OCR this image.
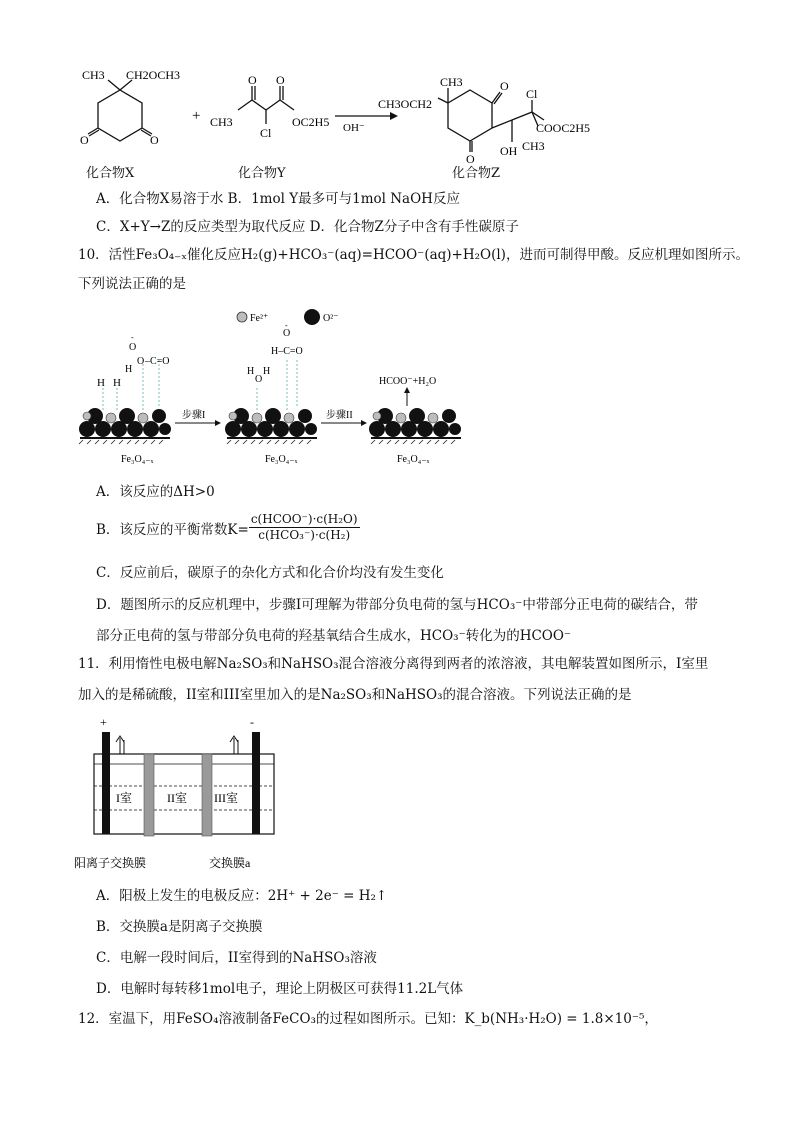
CH3 CH2OCH3
O	O
+
O O
CH3
Cl
OC2H5 OH⁻
CH3
CH3OCH2
O
O
Cl
COOC2H5
OH CH3
化合物X	化合物Y	化合物Z
A．化合物X易溶于水 B．1mol Y最多可与1mol NaOH反应
C．X+Y→Z的反应类型为取代反应 D．化合物Z分子中含有手性碳原子
10．活性Fe₃O₄₋ₓ催化反应H₂(g)+HCO₃⁻(aq)=HCOO⁻(aq)+H₂O(l)，进而可制得甲酸。反应机理如图所示。
下列说法正确的是
Fe²⁺	O²⁻
H H
O
-
H
O –C=O
Fe₃O₄₋ₓ
步骤I
H
O
H
O
-
H–C=O
Fe₃O₄₋ₓ
步骤II
HCOO⁻+H₂O
Fe₃O₄₋ₓ
A．该反应的ΔH>0
B．该反应的平衡常数K=
c(HCOO⁻)·c(H₂O)
c(HCO₃⁻)·c(H₂)
C．反应前后，碳原子的杂化方式和化合价均没有发生变化
D．题图所示的反应机理中，步骤I可理解为带部分负电荷的氢与HCO₃⁻中带部分正电荷的碳结合，带
部分正电荷的氢与带部分负电荷的羟基氧结合生成水，HCO₃⁻转化为的HCOO⁻
11．利用惰性电极电解Na₂SO₃和NaHSO₃混合溶液分离得到两者的浓溶液，其电解装置如图所示，I室里
加入的是稀硫酸，II室和III室里加入的是Na₂SO₃和NaHSO₃的混合溶液。下列说法正确的是
+	-
I室	II室 III室
阳离子交换膜	交换膜a
A．阳极上发生的电极反应：2H⁺ + 2e⁻ = H₂↑
B．交换膜a是阴离子交换膜
C．电解一段时间后，II室得到的NaHSO₃溶液
D．电解时每转移1mol电子，理论上阴极区可获得11.2L气体
12．室温下，用FeSO₄溶液制备FeCO₃的过程如图所示。已知：K_b(NH₃·H₂O) = 1.8×10⁻⁵，
